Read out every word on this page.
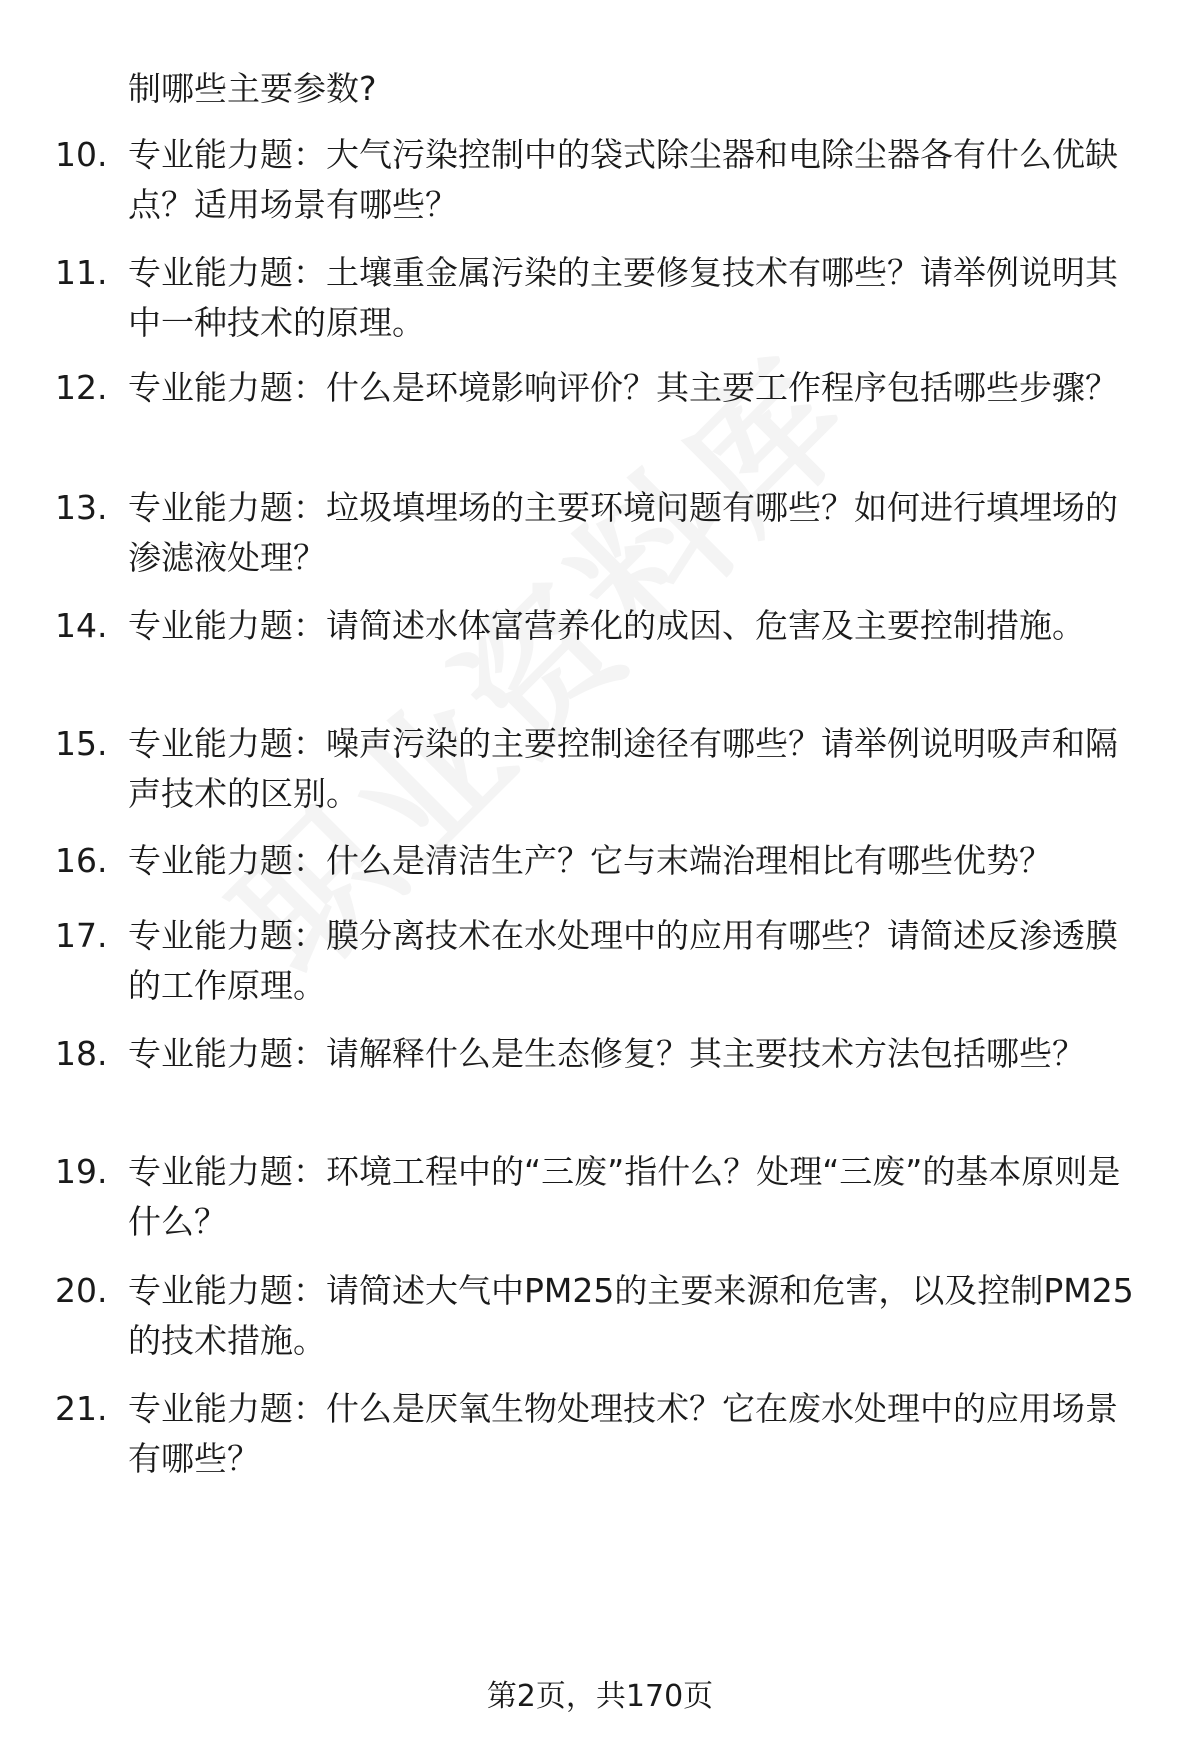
制哪些主要参数?
10. 专业能力题：大气污染控制中的袋式除尘器和电除尘器各有什么优缺点？适用场景有哪些？
11. 专业能力题：土壤重金属污染的主要修复技术有哪些？请举例说明其中一种技术的原理。
12. 专业能力题：什么是环境影响评价？其主要工作程序包括哪些步骤？
13. 专业能力题：垃圾填埋场的主要环境问题有哪些？如何进行填埋场的渗滤液处理？
14. 专业能力题：请简述水体富营养化的成因、危害及主要控制措施。
15. 专业能力题：噪声污染的主要控制途径有哪些？请举例说明吸声和隔声技术的区别。
16. 专业能力题：什么是清洁生产？它与末端治理相比有哪些优势？
17. 专业能力题：膜分离技术在水处理中的应用有哪些？请简述反渗透膜的工作原理。
18. 专业能力题：请解释什么是生态修复？其主要技术方法包括哪些？
19. 专业能力题：环境工程中的“三废”指什么？处理“三废”的基本原则是什么？
20. 专业能力题：请简述大气中PM25的主要来源和危害，以及控制PM25的技术措施。
21. 专业能力题：什么是厌氧生物处理技术？它在废水处理中的应用场景有哪些？
第2页，共170页
